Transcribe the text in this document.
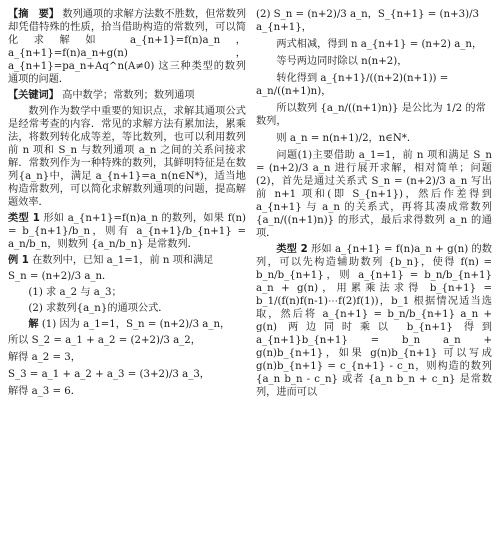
【摘　要】 数列通项的求解方法数不胜数，但常数列却凭借特殊的性质，拾当借助构造的常数列，可以简化求解如 a_{n+1}=f(n)a_n，a_{n+1}=f(n)a_n+g(n)，a_{n+1}=pa_n+Aq^n(A≠0) 这三种类型的数列通项的问题．

【关键词】 高中数学；常数列；数列通项

数列作为数学中重要的知识点，求解其通项公式是经常考查的内容．常见的求解方法有累加法，累乘法，将数列转化成等差，等比数列，也可以利用数列前 n 项和 S_n 与数列通项 a_n 之间的关系问接求解．常数列作为一种特殊的数列，其鲜明特征是在数列{a_n}中，满足 a_{n+1}=a_n(n∈N*)，适当地构造常数列，可以简化求解数列通项的问题，提高解题效率．

类型 1 形如 a_{n+1}=f(n)a_n 的数列，如果 f(n) = b_{n+1}/b_n，则有 a_{n+1}/b_{n+1} = a_n/b_n，则数列 {a_n/b_n} 是常数列．

例 1 在数列中，已知 a_1=1，前 n 项和满足

S_n = (n+2)/3 a_n．

(1) 求 a_2 与 a_3；

(2) 求数列{a_n}的通项公式．

解 (1) 因为 a_1=1，S_n = (n+2)/3 a_n，

所以 S_2 = a_1 + a_2 = (2+2)/3 a_2，

解得 a_2 = 3，

S_3 = a_1 + a_2 + a_3 = (3+2)/3 a_3，

解得 a_3 = 6．

(2) S_n = (n+2)/3 a_n，S_{n+1} = (n+3)/3 a_{n+1}，

两式相减，得到 n a_{n+1} = (n+2) a_n，

等号两边同时除以 n(n+2)，

转化得到 a_{n+1}/((n+2)(n+1)) = a_n/((n+1)n)，

所以数列 {a_n/((n+1)n)} 是公比为 1/2 的常数列，

则 a_n = n(n+1)/2，n∈N*．

问题(1)主要借助 a_1=1，前 n 项和满足 S_n = (n+2)/3 a_n 进行展开求解，相对简单；问题(2)，首先是通过关系式 S_n = (n+2)/3 a_n 写出前 n+1 项和(即 S_{n+1})，然后作差得到 a_{n+1} 与 a_n 的关系式，再将其凑成常数列 {a_n/((n+1)n)} 的形式，最后求得数列 a_n 的通项．

类型 2 形如 a_{n+1} = f(n)a_n + g(n) 的数列，可以先构造辅助数列 {b_n}，使得 f(n) = b_n/b_{n+1}，则 a_{n+1} = b_n/b_{n+1} a_n + g(n)，用累乘法求得 b_{n+1} = b_1/(f(n)f(n-1)⋯f(2)f(1))，b_1 根据情况适当选取，然后将 a_{n+1} = b_n/b_{n+1} a_n + g(n) 两边同时乘以 b_{n+1} 得到 a_{n+1}b_{n+1} = b_n a_n + g(n)b_{n+1}，如果 g(n)b_{n+1} 可以写成 g(n)b_{n+1} = c_{n+1} - c_n，则构造的数列 {a_n b_n - c_n} 或者 {a_n b_n + c_n} 是常数列，进而可以
